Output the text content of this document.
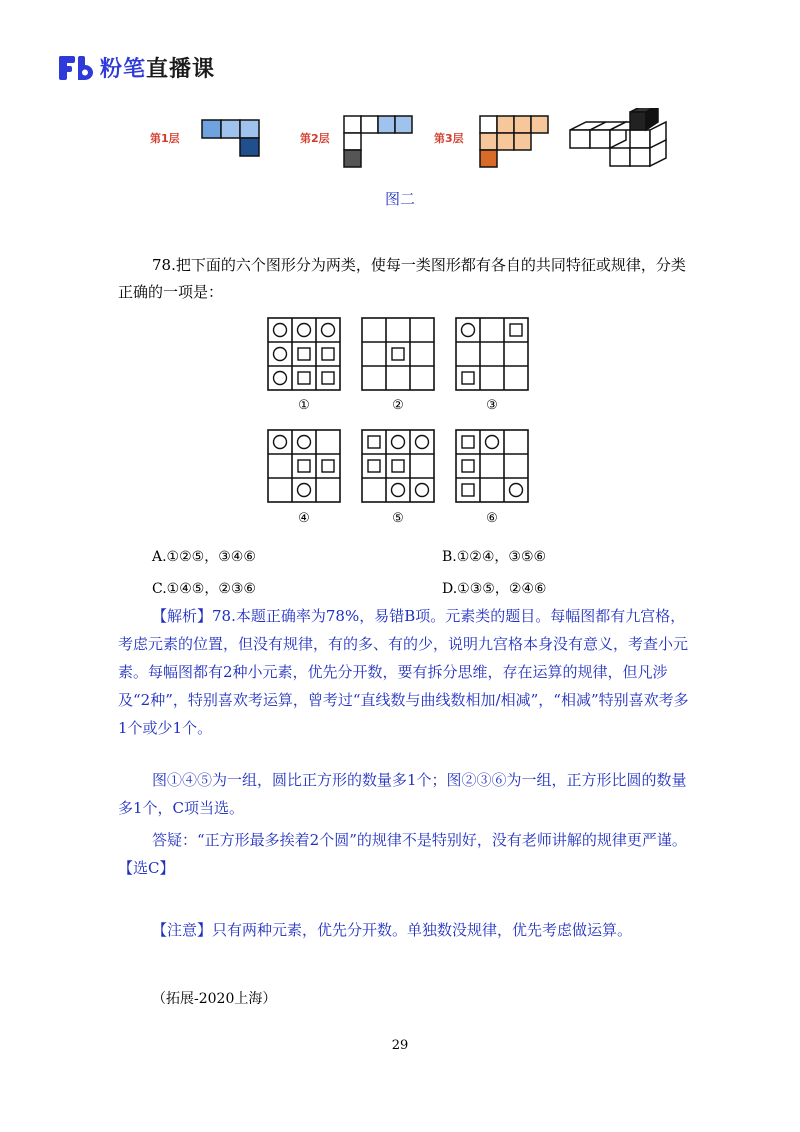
粉笔直播课
第1层	第2层	第3层
图二
78.把下面的六个图形分为两类，使每一类图形都有各自的共同特征或规律，分类正确的一项是：
①	②	③
④	⑤	⑥
A.①②⑤，③④⑥	B.①②④，③⑤⑥
C.①④⑤，②③⑥	D.①③⑤，②④⑥
【解析】78.本题正确率为78%，易错B项。元素类的题目。每幅图都有九宫格，考虑元素的位置，但没有规律，有的多、有的少，说明九宫格本身没有意义，考查小元素。每幅图都有2种小元素，优先分开数，要有拆分思维，存在运算的规律，但凡涉及“2种”，特别喜欢考运算，曾考过“直线数与曲线数相加/相减”，“相减”特别喜欢考多1个或少1个。
图①④⑤为一组，圆比正方形的数量多1个；图②③⑥为一组，正方形比圆的数量多1个，C项当选。
答疑：“正方形最多挨着2个圆”的规律不是特别好，没有老师讲解的规律更严谨。【选C】
【注意】只有两种元素，优先分开数。单独数没规律，优先考虑做运算。
（拓展-2020上海）
29
